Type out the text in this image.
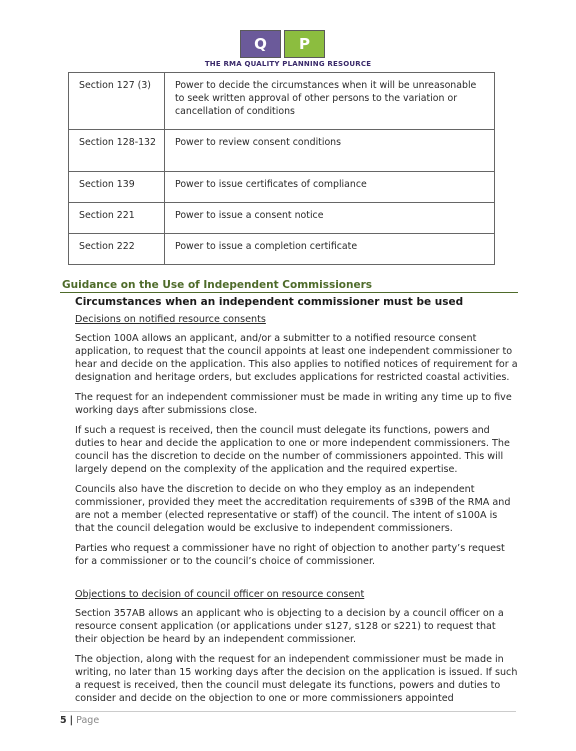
Q P
THE RMA QUALITY PLANNING RESOURCE
Section 127 (3)	Power to decide the circumstances when it will be unreasonable to seek written approval of other persons to the variation or cancellation of conditions
Section 128-132	Power to review consent conditions
Section 139	Power to issue certificates of compliance
Section 221	Power to issue a consent notice
Section 222	Power to issue a completion certificate
Guidance on the Use of Independent Commissioners
Circumstances when an independent commissioner must be used
Decisions on notified resource consents

Section 100A allows an applicant, and/or a submitter to a notified resource consent application, to request that the council appoints at least one independent commissioner to hear and decide on the application. This also applies to notified notices of requirement for a designation and heritage orders, but excludes applications for restricted coastal activities.

The request for an independent commissioner must be made in writing any time up to five working days after submissions close.

If such a request is received, then the council must delegate its functions, powers and duties to hear and decide the application to one or more independent commissioners. The council has the discretion to decide on the number of commissioners appointed. This will largely depend on the complexity of the application and the required expertise.

Councils also have the discretion to decide on who they employ as an independent commissioner, provided they meet the accreditation requirements of s39B of the RMA and are not a member (elected representative or staff) of the council. The intent of s100A is that the council delegation would be exclusive to independent commissioners.

Parties who request a commissioner have no right of objection to another party’s request for a commissioner or to the council’s choice of commissioner.

Objections to decision of council officer on resource consent

Section 357AB allows an applicant who is objecting to a decision by a council officer on a resource consent application (or applications under s127, s128 or s221) to request that their objection be heard by an independent commissioner.

The objection, along with the request for an independent commissioner must be made in writing, no later than 15 working days after the decision on the application is issued. If such a request is received, then the council must delegate its functions, powers and duties to consider and decide on the objection to one or more commissioners appointed

5 | Page
